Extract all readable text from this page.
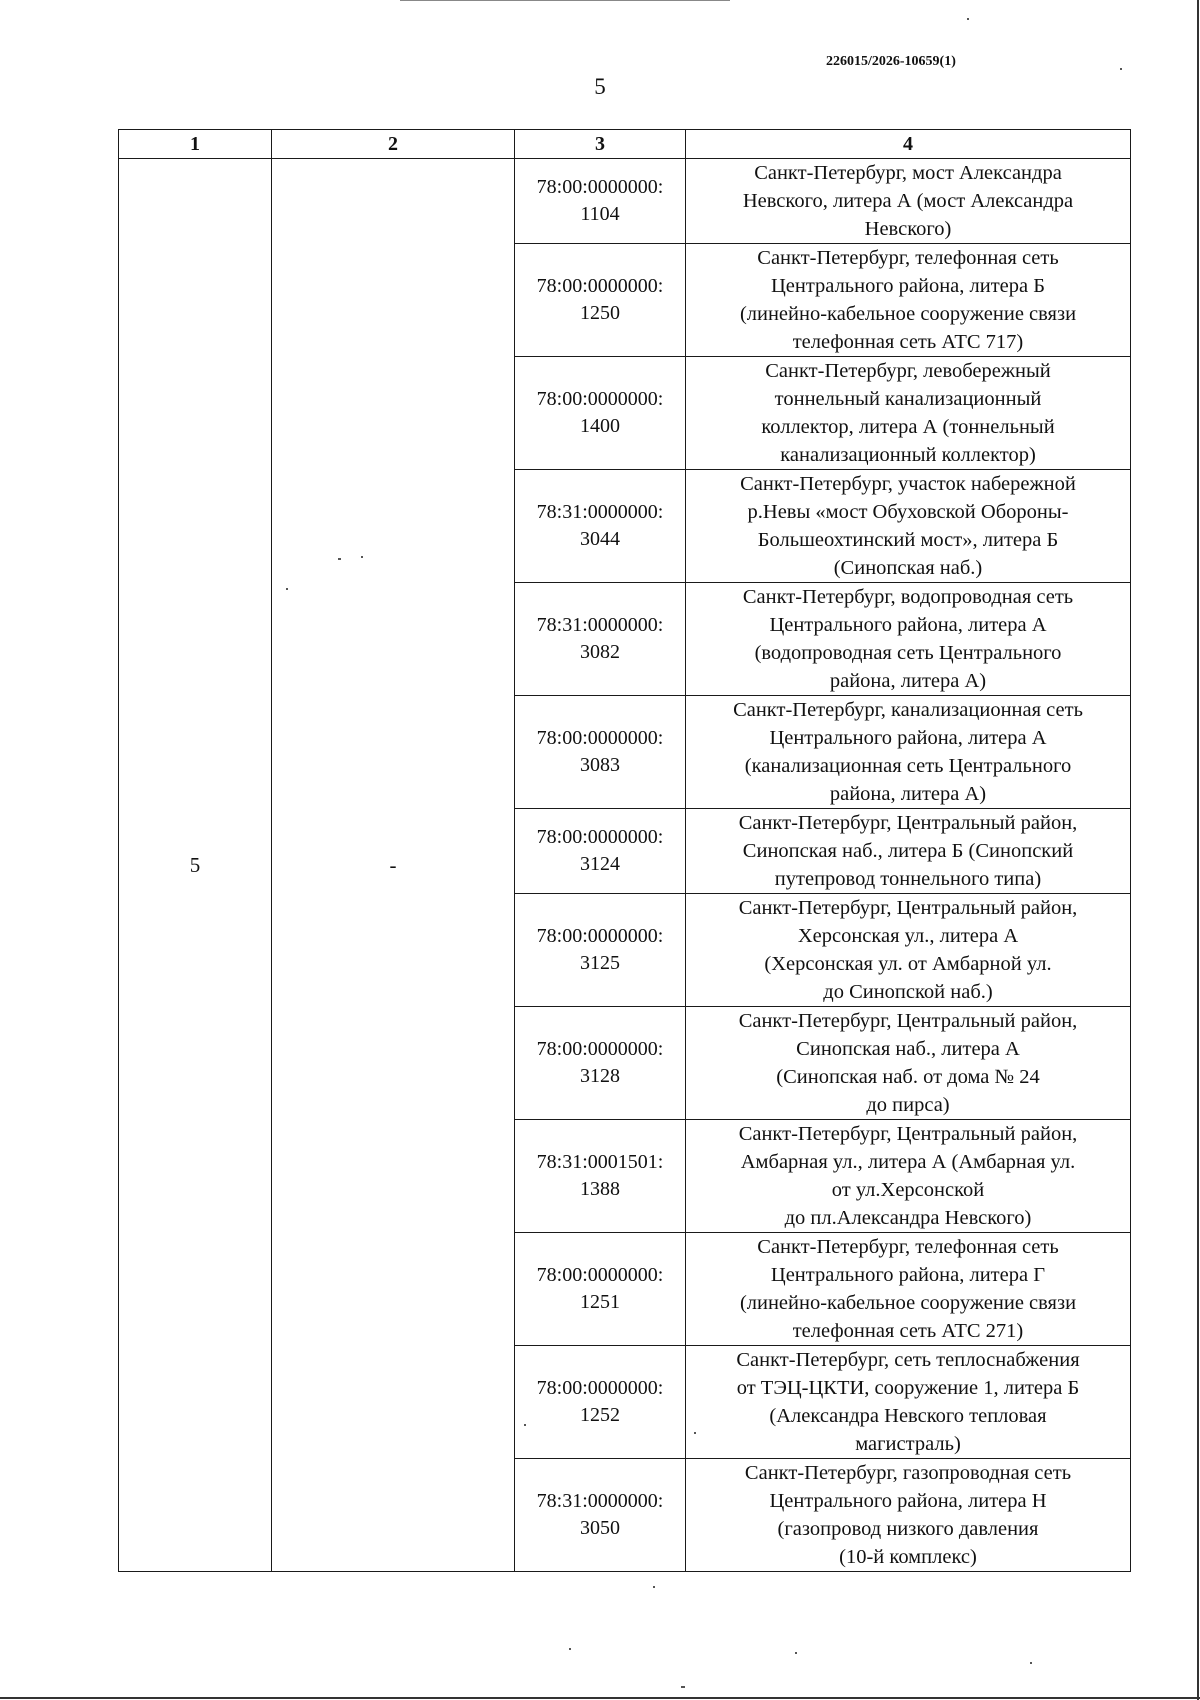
226015/2026-10659(1)
5
1	2	3	4
5	-	78:00:0000000:
1104	Санкт-Петербург, мост Александра
Невского, литера А (мост Александра
Невского)

		78:00:0000000:
1250	Санкт-Петербург, телефонная сеть
Центрального района, литера Б
(линейно-кабельное сооружение связи
телефонная сеть АТС 717)

		78:00:0000000:
1400	Санкт-Петербург, левобережный
тоннельный канализационный
коллектор, литера А (тоннельный
канализационный коллектор)

		78:31:0000000:
3044	Санкт-Петербург, участок набережной
р.Невы «мост Обуховской Обороны-
Большеохтинский мост», литера Б
(Синопская наб.)

		78:31:0000000:
3082	Санкт-Петербург, водопроводная сеть
Центрального района, литера А
(водопроводная сеть Центрального
района, литера А)

		78:00:0000000:
3083	Санкт-Петербург, канализационная сеть
Центрального района, литера А
(канализационная сеть Центрального
района, литера А)

		78:00:0000000:
3124	Санкт-Петербург, Центральный район,
Синопская наб., литера Б (Синопский
путепровод тоннельного типа)

		78:00:0000000:
3125	Санкт-Петербург, Центральный район,
Херсонская ул., литера А
(Херсонская ул. от Амбарной ул.
до Синопской наб.)

		78:00:0000000:
3128	Санкт-Петербург, Центральный район,
Синопская наб., литера А
(Синопская наб. от дома № 24
до пирса)

		78:31:0001501:
1388	Санкт-Петербург, Центральный район,
Амбарная ул., литера А (Амбарная ул.
от ул.Херсонской
до пл.Александра Невского)

		78:00:0000000:
1251	Санкт-Петербург, телефонная сеть
Центрального района, литера Г
(линейно-кабельное сооружение связи
телефонная сеть АТС 271)

		78:00:0000000:
1252	Санкт-Петербург, сеть теплоснабжения
от ТЭЦ-ЦКТИ, сооружение 1, литера Б
(Александра Невского тепловая
магистраль)

		78:31:0000000:
3050	Санкт-Петербург, газопроводная сеть
Центрального района, литера Н
(газопровод низкого давления
(10-й комплекс)
